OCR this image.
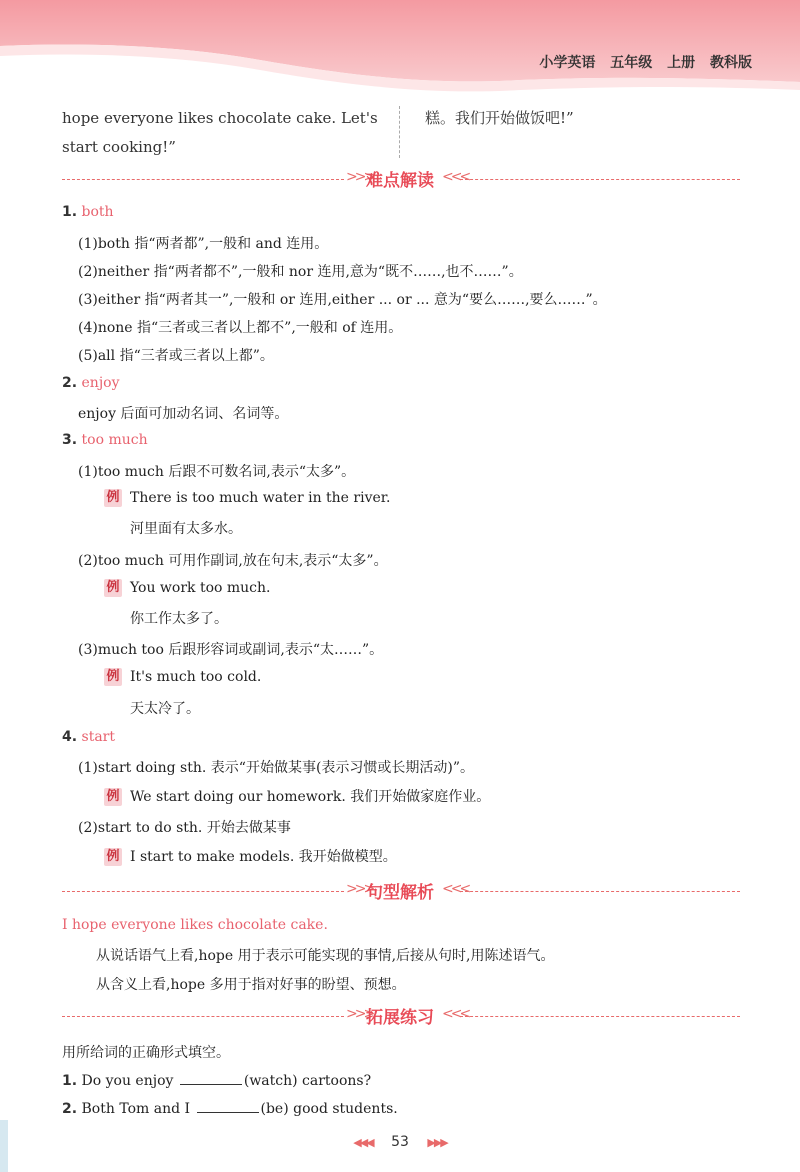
小学英语 五年级 上册 教科版
hope everyone likes chocolate cake. Let's
start cooking!”
糕。我们开始做饭吧!”
>>>
难点解读 <<<
1. both
(1)both 指“两者都”,一般和 and 连用。
(2)neither 指“两者都不”,一般和 nor 连用,意为“既不……,也不……”。
(3)either 指“两者其一”,一般和 or 连用,either ... or ... 意为“要么……,要么……”。
(4)none 指“三者或三者以上都不”,一般和 of 连用。
(5)all 指“三者或三者以上都”。
2. enjoy
enjoy 后面可加动名词、名词等。
3. too much
(1)too much 后跟不可数名词,表示“太多”。
例 There is too much water in the river.
河里面有太多水。
(2)too much 可用作副词,放在句末,表示“太多”。
例 You work too much.
你工作太多了。
(3)much too 后跟形容词或副词,表示“太……”。
例 It's much too cold.
天太冷了。
4. start
(1)start doing sth. 表示“开始做某事(表示习惯或长期活动)”。
例 We start doing our homework. 我们开始做家庭作业。
(2)start to do sth. 开始去做某事
例 I start to make models. 我开始做模型。
>>>
句型解析 <<<
I hope everyone likes chocolate cake.
从说话语气上看,hope 用于表示可能实现的事情,后接从句时,用陈述语气。
从含义上看,hope 多用于指对好事的盼望、预想。
>>>
拓展练习 <<<
用所给词的正确形式填空。
1. Do you enjoy	(watch) cartoons?
2. Both Tom and I	(be) good students.
◀◀◀ 53 ▶▶▶
